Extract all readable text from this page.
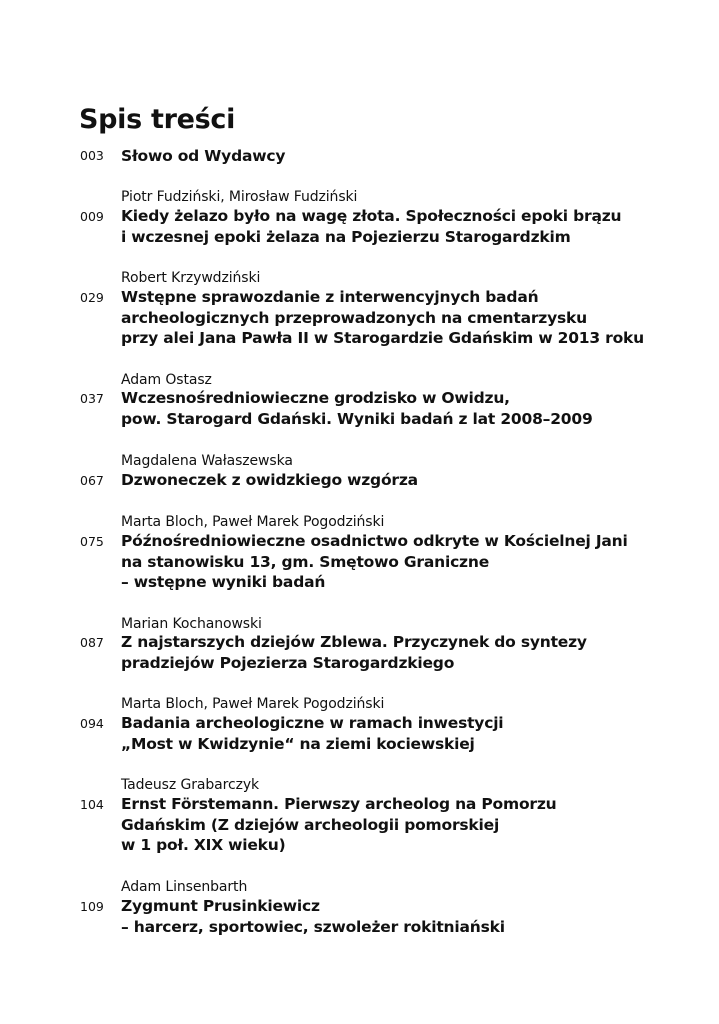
Spis treści
003 Słowo od Wydawcy
Piotr Fudziński, Mirosław Fudziński
009 Kiedy żelazo było na wagę złota. Społeczności epoki brązu
i wczesnej epoki żelaza na Pojezierzu Starogardzkim
Robert Krzywdziński
029 Wstępne sprawozdanie z interwencyjnych badań
archeologicznych przeprowadzonych na cmentarzysku
przy alei Jana Pawła II w Starogardzie Gdańskim w 2013 roku
Adam Ostasz
037 Wczesnośredniowieczne grodzisko w Owidzu,
pow. Starogard Gdański. Wyniki badań z lat 2008–2009
Magdalena Wałaszewska
067 Dzwoneczek z owidzkiego wzgórza
Marta Bloch, Paweł Marek Pogodziński
075 Późnośredniowieczne osadnictwo odkryte w Kościelnej Jani
na stanowisku 13, gm. Smętowo Graniczne
– wstępne wyniki badań
Marian Kochanowski
087 Z najstarszych dziejów Zblewa. Przyczynek do syntezy
pradziejów Pojezierza Starogardzkiego
Marta Bloch, Paweł Marek Pogodziński
094 Badania archeologiczne w ramach inwestycji
„Most w Kwidzynie“ na ziemi kociewskiej
Tadeusz Grabarczyk
104 Ernst Förstemann. Pierwszy archeolog na Pomorzu
Gdańskim (Z dziejów archeologii pomorskiej
w 1 poł. XIX wieku)
Adam Linsenbarth
109 Zygmunt Prusinkiewicz
– harcerz, sportowiec, szwoleżer rokitniański
